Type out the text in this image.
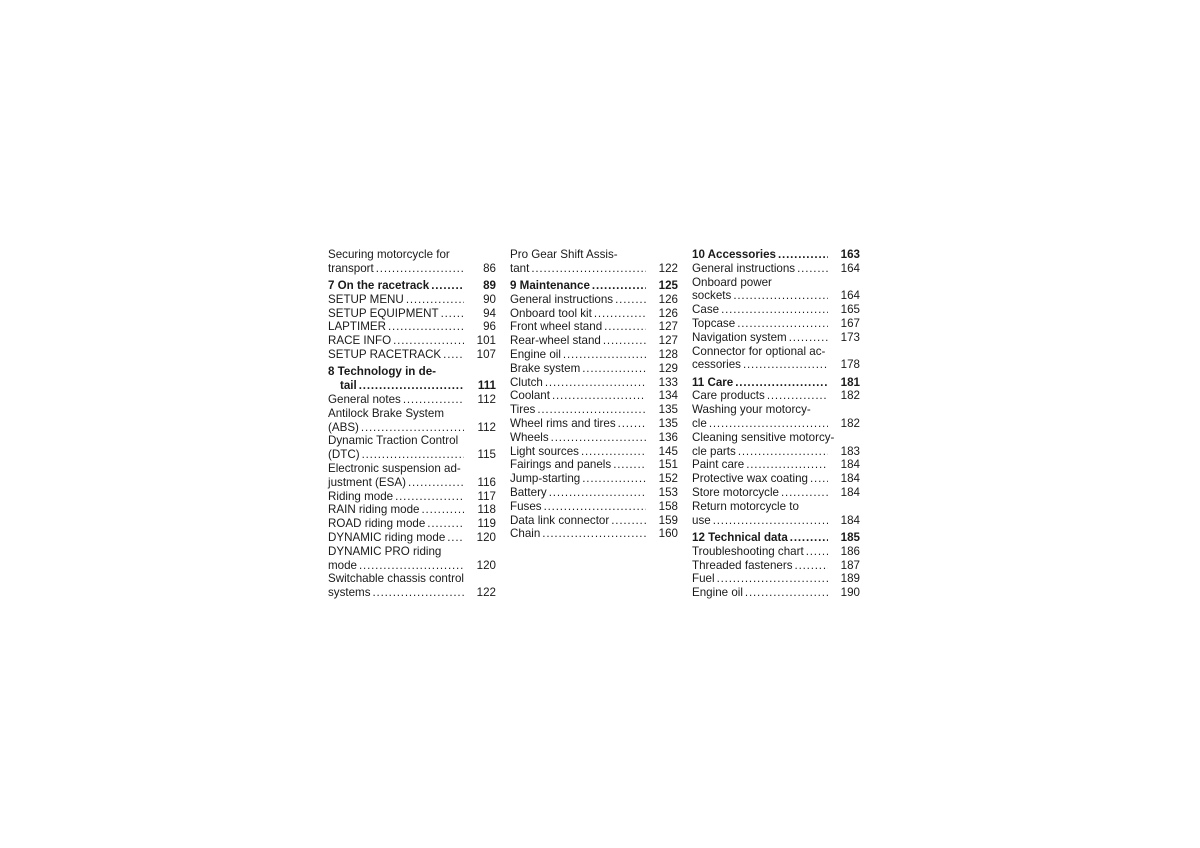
Securing motorcycle for
transport . . .	86
7 On the racetrack . . .	89
SETUP MENU . . .	90
SETUP EQUIPMENT . . .	94
LAPTIMER . . .	96
RACE INFO . . .	101
SETUP RACETRACK . . .	107
8 Technology in de-
tail . . .	111
General notes . . .	112
Antilock Brake System
(ABS) . . .	112
Dynamic Traction Control
(DTC) . . .	115
Electronic suspension ad-
justment (ESA) . . .	116
Riding mode . . .	117
RAIN riding mode . . .	118
ROAD riding mode . . .	119
DYNAMIC riding mode . . .	120
DYNAMIC PRO riding
mode . . .	120
Switchable chassis control
systems . . .	122
Pro Gear Shift Assis-
tant . . .	122
9 Maintenance . . .	125
General instructions . . .	126
Onboard tool kit . . .	126
Front wheel stand . . .	127
Rear-wheel stand . . .	127
Engine oil . . .	128
Brake system . . .	129
Clutch . . .	133
Coolant . . .	134
Tires . . .	135
Wheel rims and tires . . .	135
Wheels . . .	136
Light sources . . .	145
Fairings and panels . . .	151
Jump-starting . . .	152
Battery . . .	153
Fuses . . .	158
Data link connector . . .	159
Chain . . .	160
10 Accessories . . .	163
General instructions . . .	164
Onboard power
sockets . . .	164
Case . . .	165
Topcase . . .	167
Navigation system . . .	173
Connector for optional ac-
cessories . . .	178
11 Care . . .	181
Care products . . .	182
Washing your motorcy-
cle . . .	182
Cleaning sensitive motorcy-
cle parts . . .	183
Paint care . . .	184
Protective wax coating . . .	184
Store motorcycle . . .	184
Return motorcycle to
use . . .	184
12 Technical data . . .	185
Troubleshooting chart . . .	186
Threaded fasteners . . .	187
Fuel . . .	189
Engine oil . . .	190
